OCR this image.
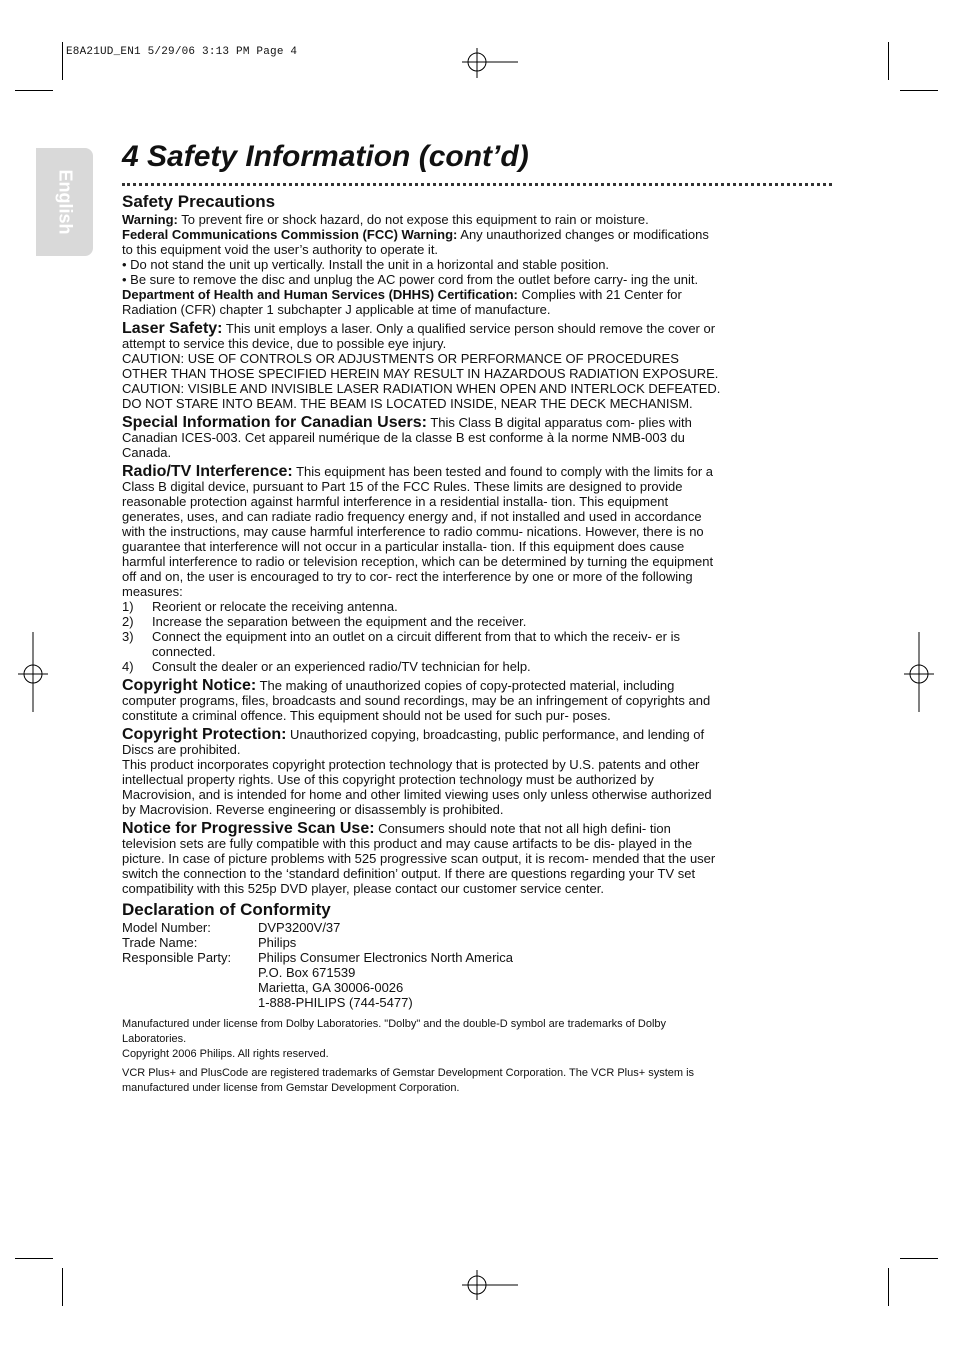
E8A21UD_EN1 5/29/06 3:13 PM Page 4
English
4 Safety Information (cont’d)
Safety Precautions

Warning: To prevent fire or shock hazard, do not expose this equipment to rain or moisture.

Federal Communications Commission (FCC) Warning: Any unauthorized changes or modifications to this equipment void the user’s authority to operate it.

• Do not stand the unit up vertically. Install the unit in a horizontal and stable position.

• Be sure to remove the disc and unplug the AC power cord from the outlet before carry- ing the unit.

Department of Health and Human Services (DHHS) Certification: Complies with 21 Center for Radiation (CFR) chapter 1 subchapter J applicable at time of manufacture.

Laser Safety: This unit employs a laser. Only a qualified service person should remove the cover or attempt to service this device, due to possible eye injury.

CAUTION: USE OF CONTROLS OR ADJUSTMENTS OR PERFORMANCE OF PROCEDURES OTHER THAN THOSE SPECIFIED HEREIN MAY RESULT IN HAZARDOUS RADIATION EXPOSURE.

CAUTION: VISIBLE AND INVISIBLE LASER RADIATION WHEN OPEN AND INTERLOCK DEFEATED. DO NOT STARE INTO BEAM. THE BEAM IS LOCATED INSIDE, NEAR THE DECK MECHANISM.

Special Information for Canadian Users: This Class B digital apparatus com- plies with Canadian ICES-003. Cet appareil numérique de la classe B est conforme à la norme NMB-003 du Canada.

Radio/TV Interference: This equipment has been tested and found to comply with the limits for a Class B digital device, pursuant to Part 15 of the FCC Rules. These limits are designed to provide reasonable protection against harmful interference in a residential installa- tion. This equipment generates, uses, and can radiate radio frequency energy and, if not installed and used in accordance with the instructions, may cause harmful interference to radio commu- nications. However, there is no guarantee that interference will not occur in a particular installa- tion. If this equipment does cause harmful interference to radio or television reception, which can be determined by turning the equipment off and on, the user is encouraged to try to cor- rect the interference by one or more of the following measures:

1) Reorient or relocate the receiving antenna.
2) Increase the separation between the equipment and the receiver.
3) Connect the equipment into an outlet on a circuit different from that to which the receiv- er is connected.
4) Consult the dealer or an experienced radio/TV technician for help.

Copyright Notice: The making of unauthorized copies of copy-protected material, including computer programs, files, broadcasts and sound recordings, may be an infringement of copyrights and constitute a criminal offence. This equipment should not be used for such pur- poses.

Copyright Protection: Unauthorized copying, broadcasting, public performance, and lending of Discs are prohibited.

This product incorporates copyright protection technology that is protected by U.S. patents and other intellectual property rights. Use of this copyright protection technology must be authorized by Macrovision, and is intended for home and other limited viewing uses only unless otherwise authorized by Macrovision. Reverse engineering or disassembly is prohibited.

Notice for Progressive Scan Use: Consumers should note that not all high defini- tion television sets are fully compatible with this product and may cause artifacts to be dis- played in the picture. In case of picture problems with 525 progressive scan output, it is recom- mended that the user switch the connection to the ‘standard definition’ output. If there are questions regarding your TV set compatibility with this 525p DVD player, please contact our customer service center.

Declaration of Conformity
Model Number:	DVP3200V/37
Trade Name:	Philips
Responsible Party:	Philips Consumer Electronics North America
P.O. Box 671539
Marietta, GA 30006-0026
1-888-PHILIPS (744-5477)

Manufactured under license from Dolby Laboratories. "Dolby" and the double-D symbol are trademarks of Dolby Laboratories.

Copyright 2006 Philips. All rights reserved.

VCR Plus+ and PlusCode are registered trademarks of Gemstar Development Corporation. The VCR Plus+ system is manufactured under license from Gemstar Development Corporation.
